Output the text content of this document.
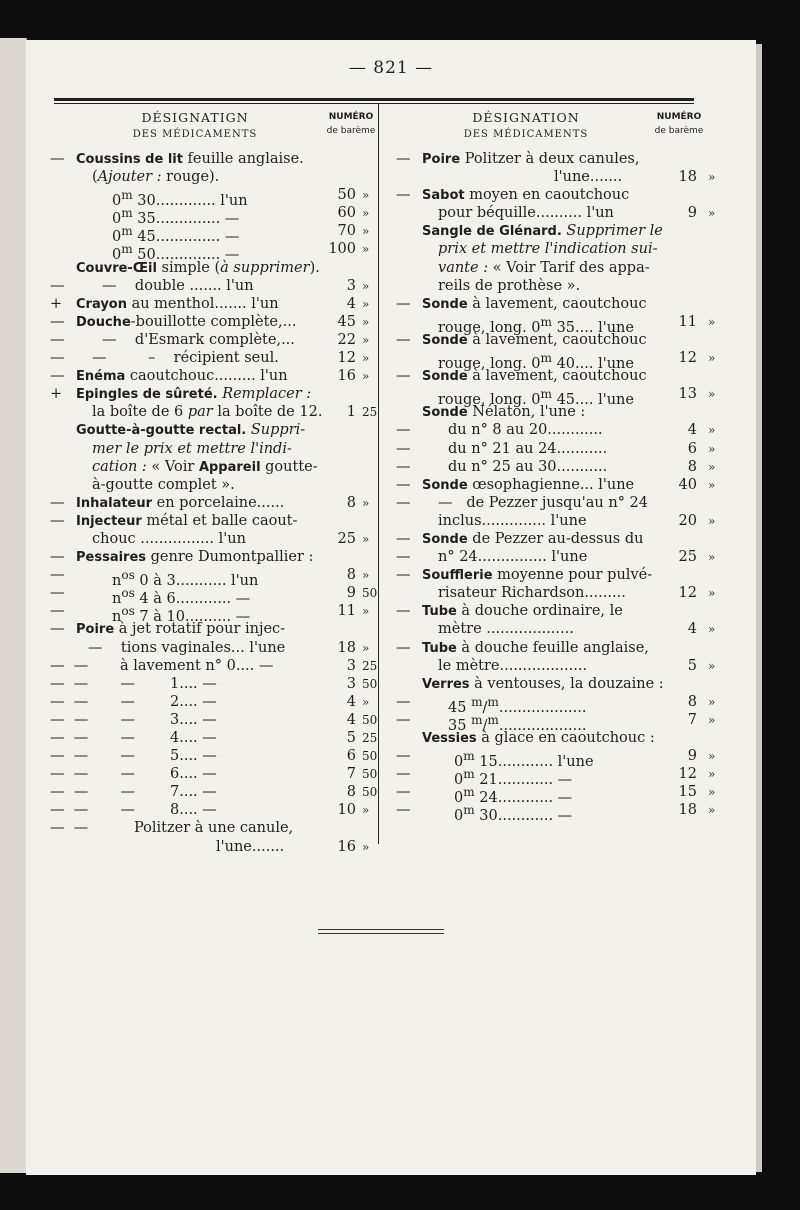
— 821 —
DÉSIGNATIGN
DES MÉDICAMENTS
NUMÉRO
de barème
— Coussins de lit feuille anglaise.
(Ajouter : rouge).
0$^m$ 30............. l'un	50 »
0$^m$ 35.............. —	60 »
0$^m$ 45.............. —	70 »
0$^m$ 50.............. —	100 »
Couvre-Œil simple (à supprimer).
—	—    double ....... l'un	3 »
+ Crayon au menthol....... l'un	4 »
— Douche-bouillotte complète,...	45 »
—	—    d'Esmark complète,...	22 »
— —         –    récipient seul.	12 »
— Enéma caoutchouc......... l'un	16 »
+ Epingles de sûreté. Remplacer :
la boîte de 6 par la boîte de 12.	1 25
Goutte-à-goutte rectal. Suppri-
mer le prix et mettre l'indi-
cation : « Voir Appareil goutte-
à-goutte complet ».
— Inhalateur en porcelaine......	8 »
— Injecteur métal et balle caout-
chouc ................ l'un	25 »
— Pessaires genre Dumontpallier :
—	$n^{os}$ 0 à 3........... l'un	8 »
—	$n^{os}$ 4 à 6............ —	9 50
—	$n^{os}$ 7 à 10.......... —	11 »
— Poire à jet rotatif pour injec-
—    tions vaginales... l'une	18 »
—  — à lavement n° 0.... —	3 25
—  —       — 1.... —	3 50
—  —       — 2.... —	4 »
—  —       — 3.... —	4 50
—  —       — 4.... —	5 25
—  —       — 5.... —	6 50
—  —       — 6.... —	7 50
—  —       — 7.... —	8 50
—  —       — 8.... —	10 »
—  —	Politzer à une canule,
l'une.......	16 »
DÉSIGNATION
DES MÉDICAMENTS
NUMÉRO
de barème
— Poire Politzer à deux canules,
l'une.......	18 »
— Sabot moyen en caoutchouc
pour béquille.......... l'un	9 »
Sangle de Glénard. Supprimer le
prix et mettre l'indication sui-
vante : « Voir Tarif des appa-
reils de prothèse ».
— Sonde à lavement, caoutchouc
rouge, long. 0$^m$ 35.... l'une	11 »
— Sonde à lavement, caoutchouc
rouge, long. 0$^m$ 40.... l'une	12 »
— Sonde à lavement, caoutchouc
rouge, long. 0$^m$ 45.... l'une	13 »
Sonde Nélaton, l'une :
—	du n° 8 au 20............	4 »
—	du n° 21 au 24...........	6 »
—	du n° 25 au 30...........	8 »
— Sonde œsophagienne... l'une	40 »
— —   de Pezzer jusqu'au n° 24
inclus.............. l'une	20 »
— Sonde de Pezzer au-dessus du
— n° 24............... l'une	25 »
— Soufflerie moyenne pour pulvé-
risateur Richardson.........	12 »
— Tube à douche ordinaire, le
mètre ...................	4 »
— Tube à douche feuille anglaise,
le mètre...................	5 »
Verres à ventouses, la douzaine :
—	45 $^m$/$^m$...................	8 »
—	35 $^m$/$^m$...................	7 »
Vessies à glace en caoutchouc :
—	0$^m$ 15............ l'une	9 »
—	0$^m$ 21............ —	12 »
—	0$^m$ 24............ —	15 »
—	0$^m$ 30............ —	18 »
